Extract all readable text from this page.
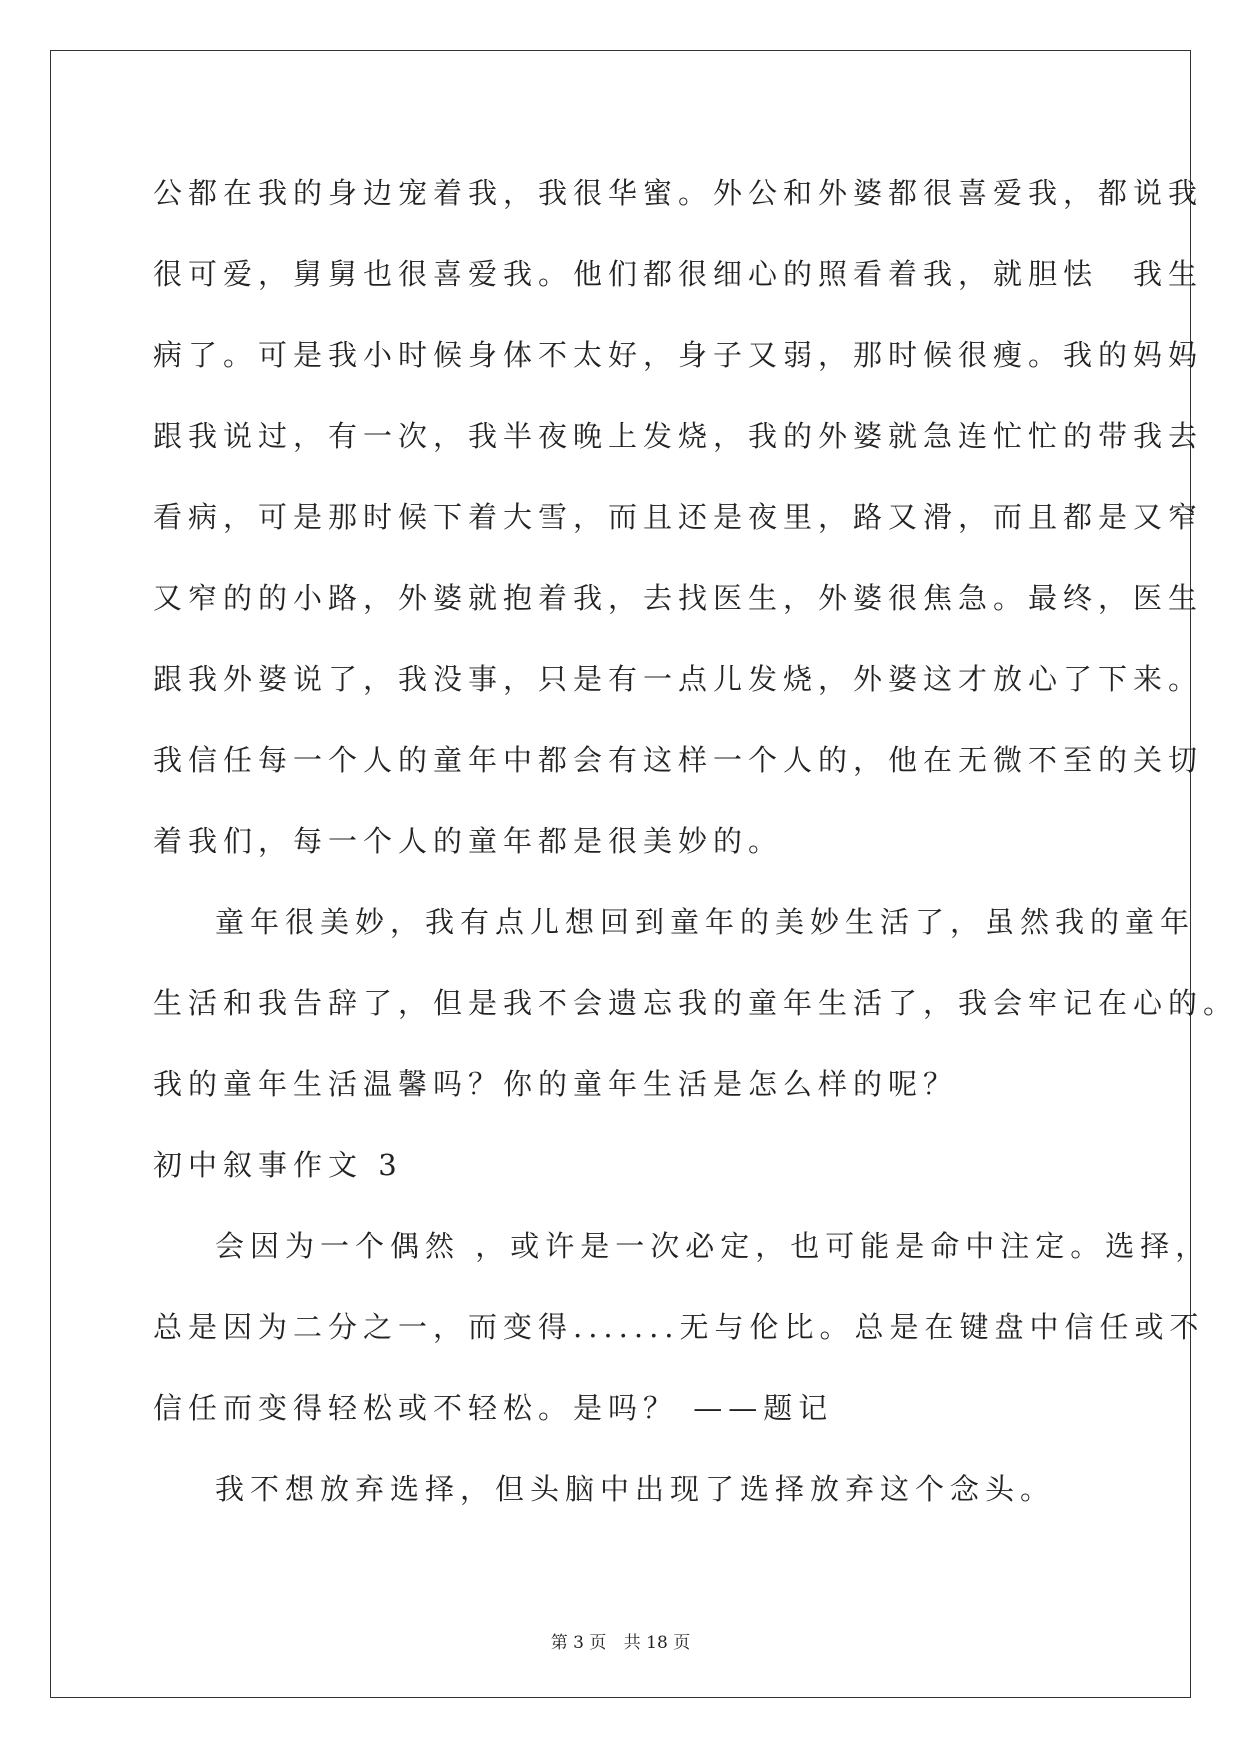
公都在我的身边宠着我，我很华蜜。外公和外婆都很喜爱我，都说我
很可爱，舅舅也很喜爱我。他们都很细心的照看着我，就胆怯　我生
病了。可是我小时候身体不太好，身子又弱，那时候很瘦。我的妈妈
跟我说过，有一次，我半夜晚上发烧，我的外婆就急连忙忙的带我去
看病，可是那时候下着大雪，而且还是夜里，路又滑，而且都是又窄
又窄的的小路，外婆就抱着我，去找医生，外婆很焦急。最终，医生
跟我外婆说了，我没事，只是有一点儿发烧，外婆这才放心了下来。
我信任每一个人的童年中都会有这样一个人的，他在无微不至的关切
着我们，每一个人的童年都是很美妙的。
童年很美妙，我有点儿想回到童年的美妙生活了，虽然我的童年
生活和我告辞了，但是我不会遗忘我的童年生活了，我会牢记在心的。
我的童年生活温馨吗？你的童年生活是怎么样的呢？
初中叙事作文 3
会因为一个偶然 ，或许是一次必定，也可能是命中注定。选择，
总是因为二分之一，而变得.......无与伦比。总是在键盘中信任或不
信任而变得轻松或不轻松。是吗？ ——题记
我不想放弃选择，但头脑中出现了选择放弃这个念头。
第 3 页 共 18 页
